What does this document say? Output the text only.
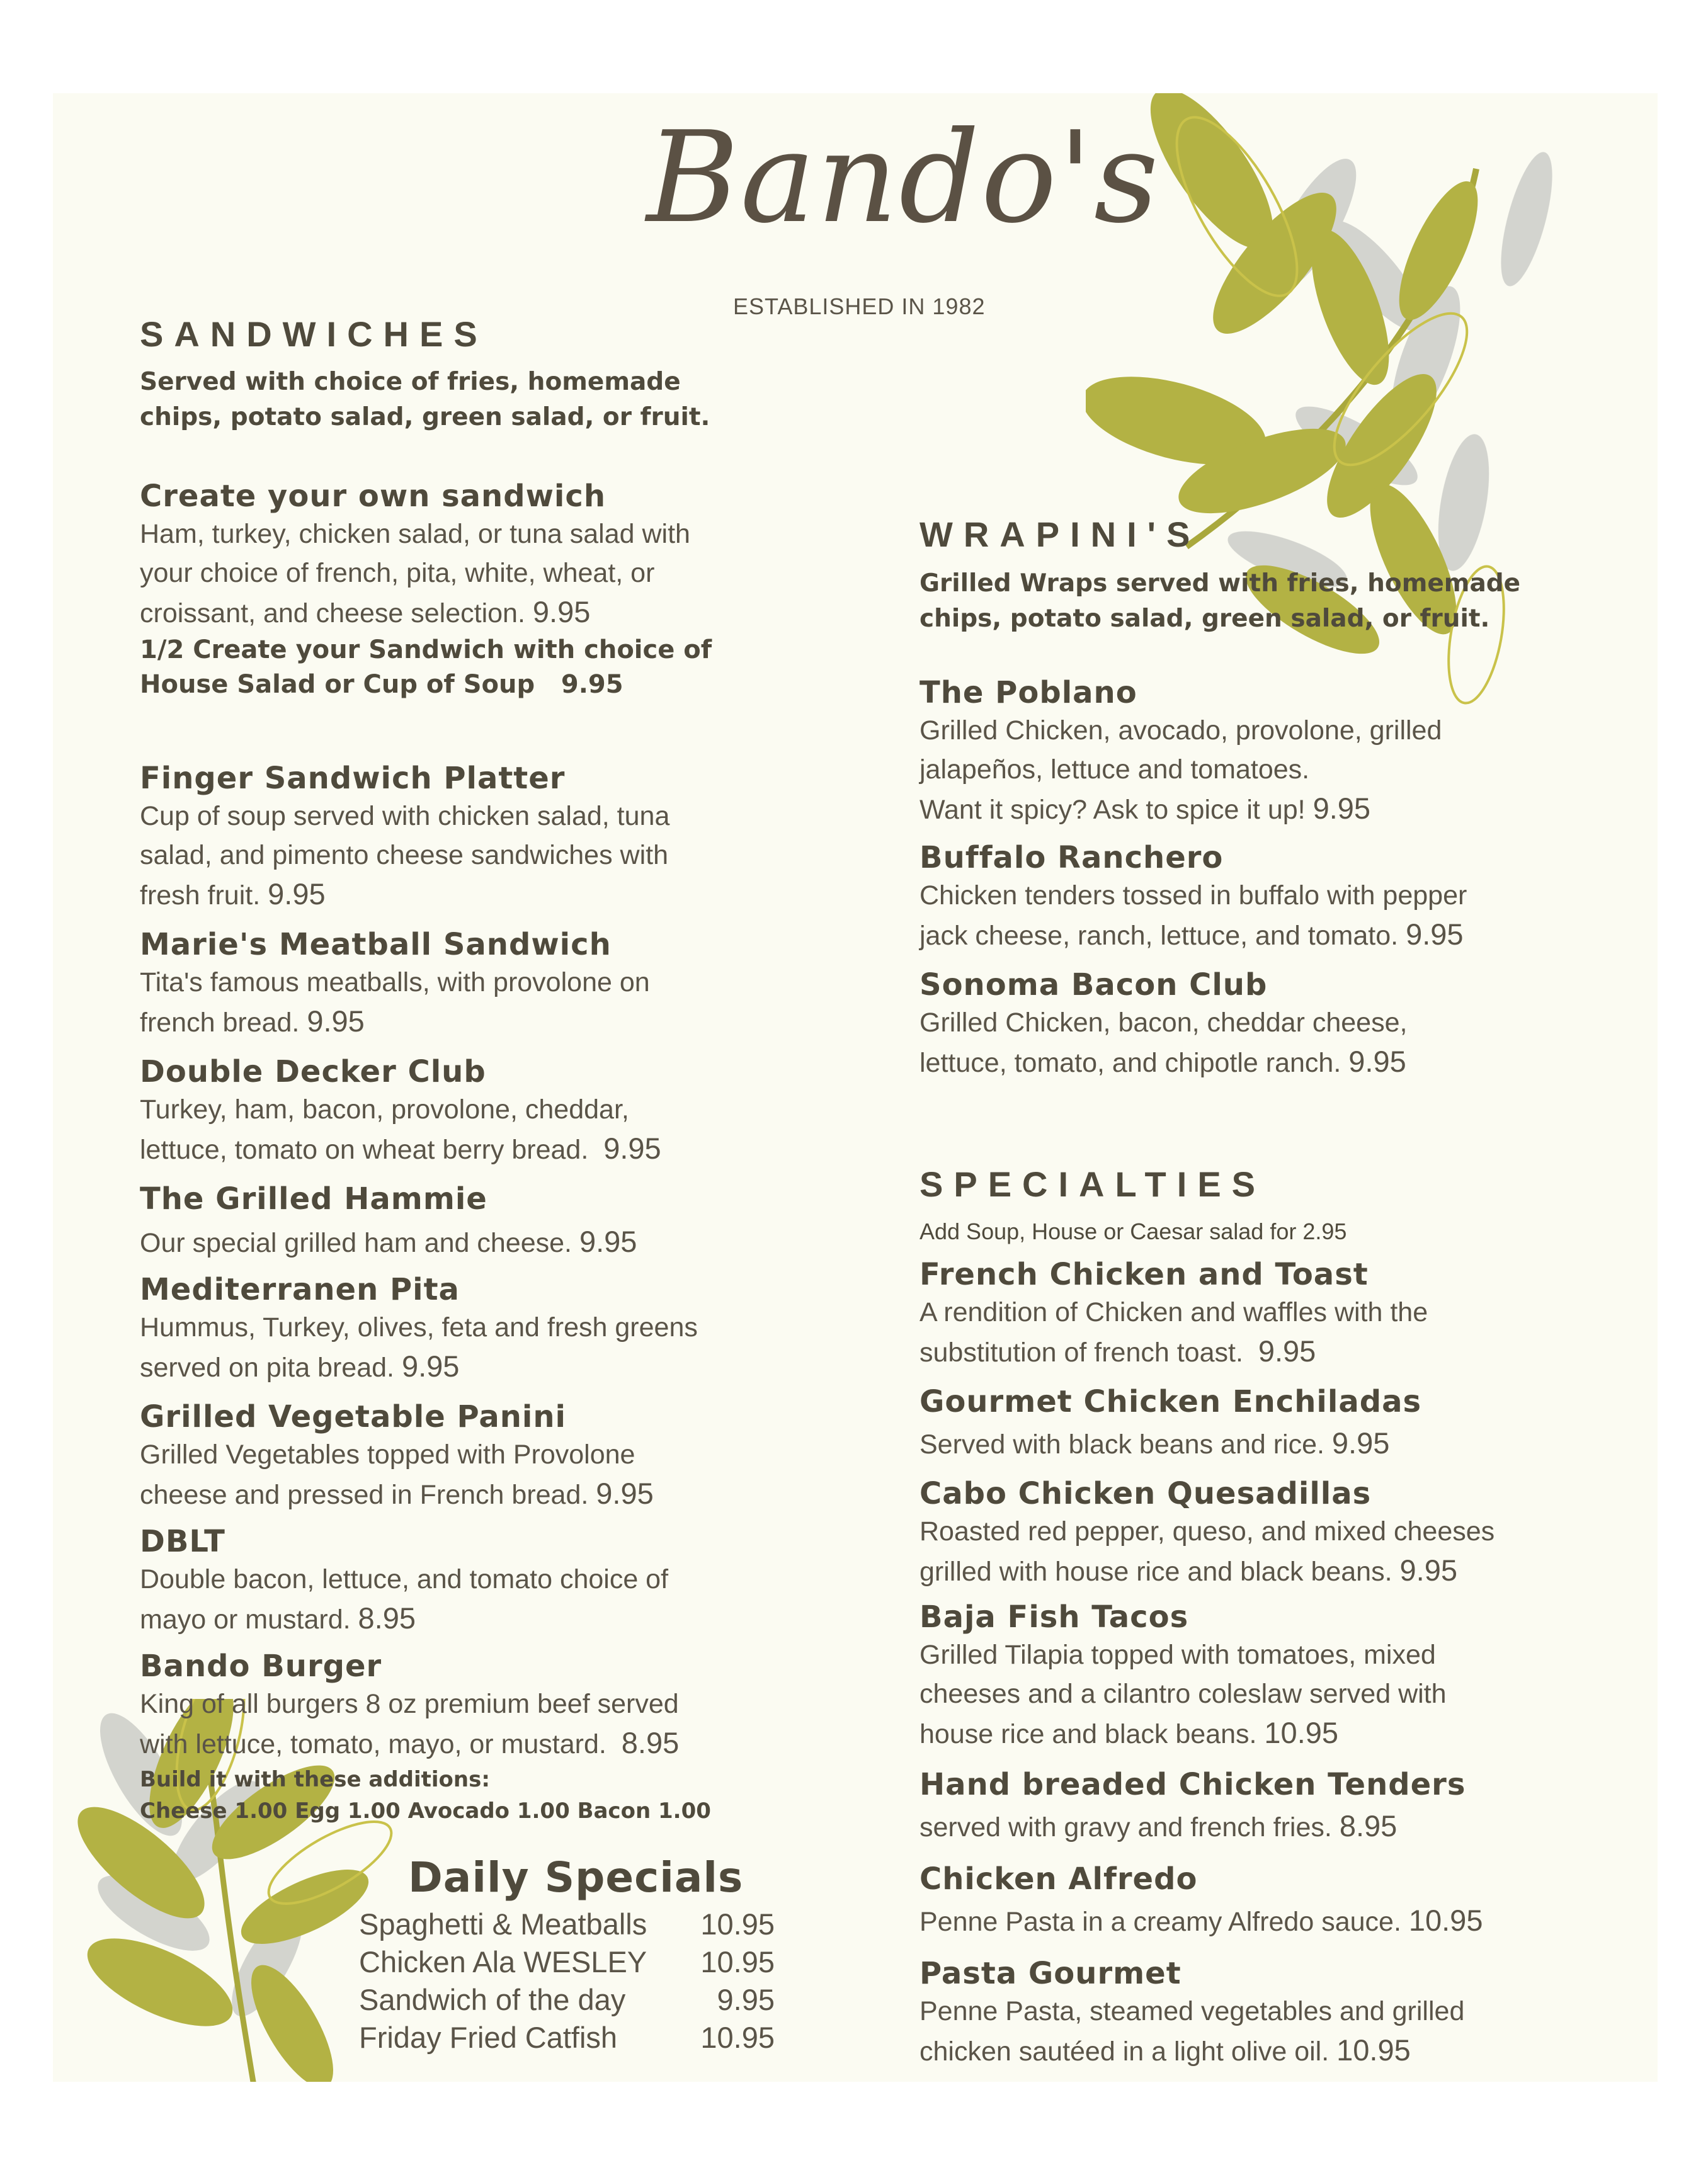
Bando's
ESTABLISHED IN 1982
SANDWICHES
Served with choice of fries, homemade
chips, potato salad, green salad, or fruit.
Create your own sandwich
Ham, turkey, chicken salad, or tuna salad with
your choice of french, pita, white, wheat, or
croissant, and cheese selection. 9.95
1/2 Create your Sandwich with choice of
House Salad or Cup of Soup 9.95
Finger Sandwich Platter
Cup of soup served with chicken salad, tuna
salad, and pimento cheese sandwiches with
fresh fruit. 9.95
Marie's Meatball Sandwich
Tita's famous meatballs, with provolone on
french bread. 9.95
Double Decker Club
Turkey, ham, bacon, provolone, cheddar,
lettuce, tomato on wheat berry bread. 9.95
The Grilled Hammie
Our special grilled ham and cheese. 9.95
Mediterranen Pita
Hummus, Turkey, olives, feta and fresh greens
served on pita bread. 9.95
Grilled Vegetable Panini
Grilled Vegetables topped with Provolone
cheese and pressed in French bread. 9.95
DBLT
Double bacon, lettuce, and tomato choice of
mayo or mustard. 8.95
Bando Burger
King of all burgers 8 oz premium beef served
with lettuce, tomato, mayo, or mustard. 8.95
Build it with these additions:
Cheese 1.00 Egg 1.00 Avocado 1.00 Bacon 1.00
Daily Specials
Spaghetti & Meatballs 10.95
Chicken Ala WESLEY 10.95
Sandwich of the day	9.95
Friday Fried Catfish	10.95
WRAPINI'S
Grilled Wraps served with fries, homemade
chips, potato salad, green salad, or fruit.
The Poblano
Grilled Chicken, avocado, provolone, grilled
jalapeños, lettuce and tomatoes.
Want it spicy? Ask to spice it up! 9.95
Buffalo Ranchero
Chicken tenders tossed in buffalo with pepper
jack cheese, ranch, lettuce, and tomato. 9.95
Sonoma Bacon Club
Grilled Chicken, bacon, cheddar cheese,
lettuce, tomato, and chipotle ranch. 9.95
SPECIALTIES
Add Soup, House or Caesar salad for 2.95
French Chicken and Toast
A rendition of Chicken and waffles with the
substitution of french toast. 9.95
Gourmet Chicken Enchiladas
Served with black beans and rice. 9.95
Cabo Chicken Quesadillas
Roasted red pepper, queso, and mixed cheeses
grilled with house rice and black beans. 9.95
Baja Fish Tacos
Grilled Tilapia topped with tomatoes, mixed
cheeses and a cilantro coleslaw served with
house rice and black beans. 10.95
Hand breaded Chicken Tenders
served with gravy and french fries. 8.95
Chicken Alfredo
Penne Pasta in a creamy Alfredo sauce. 10.95
Pasta Gourmet
Penne Pasta, steamed vegetables and grilled
chicken sautéed in a light olive oil. 10.95
